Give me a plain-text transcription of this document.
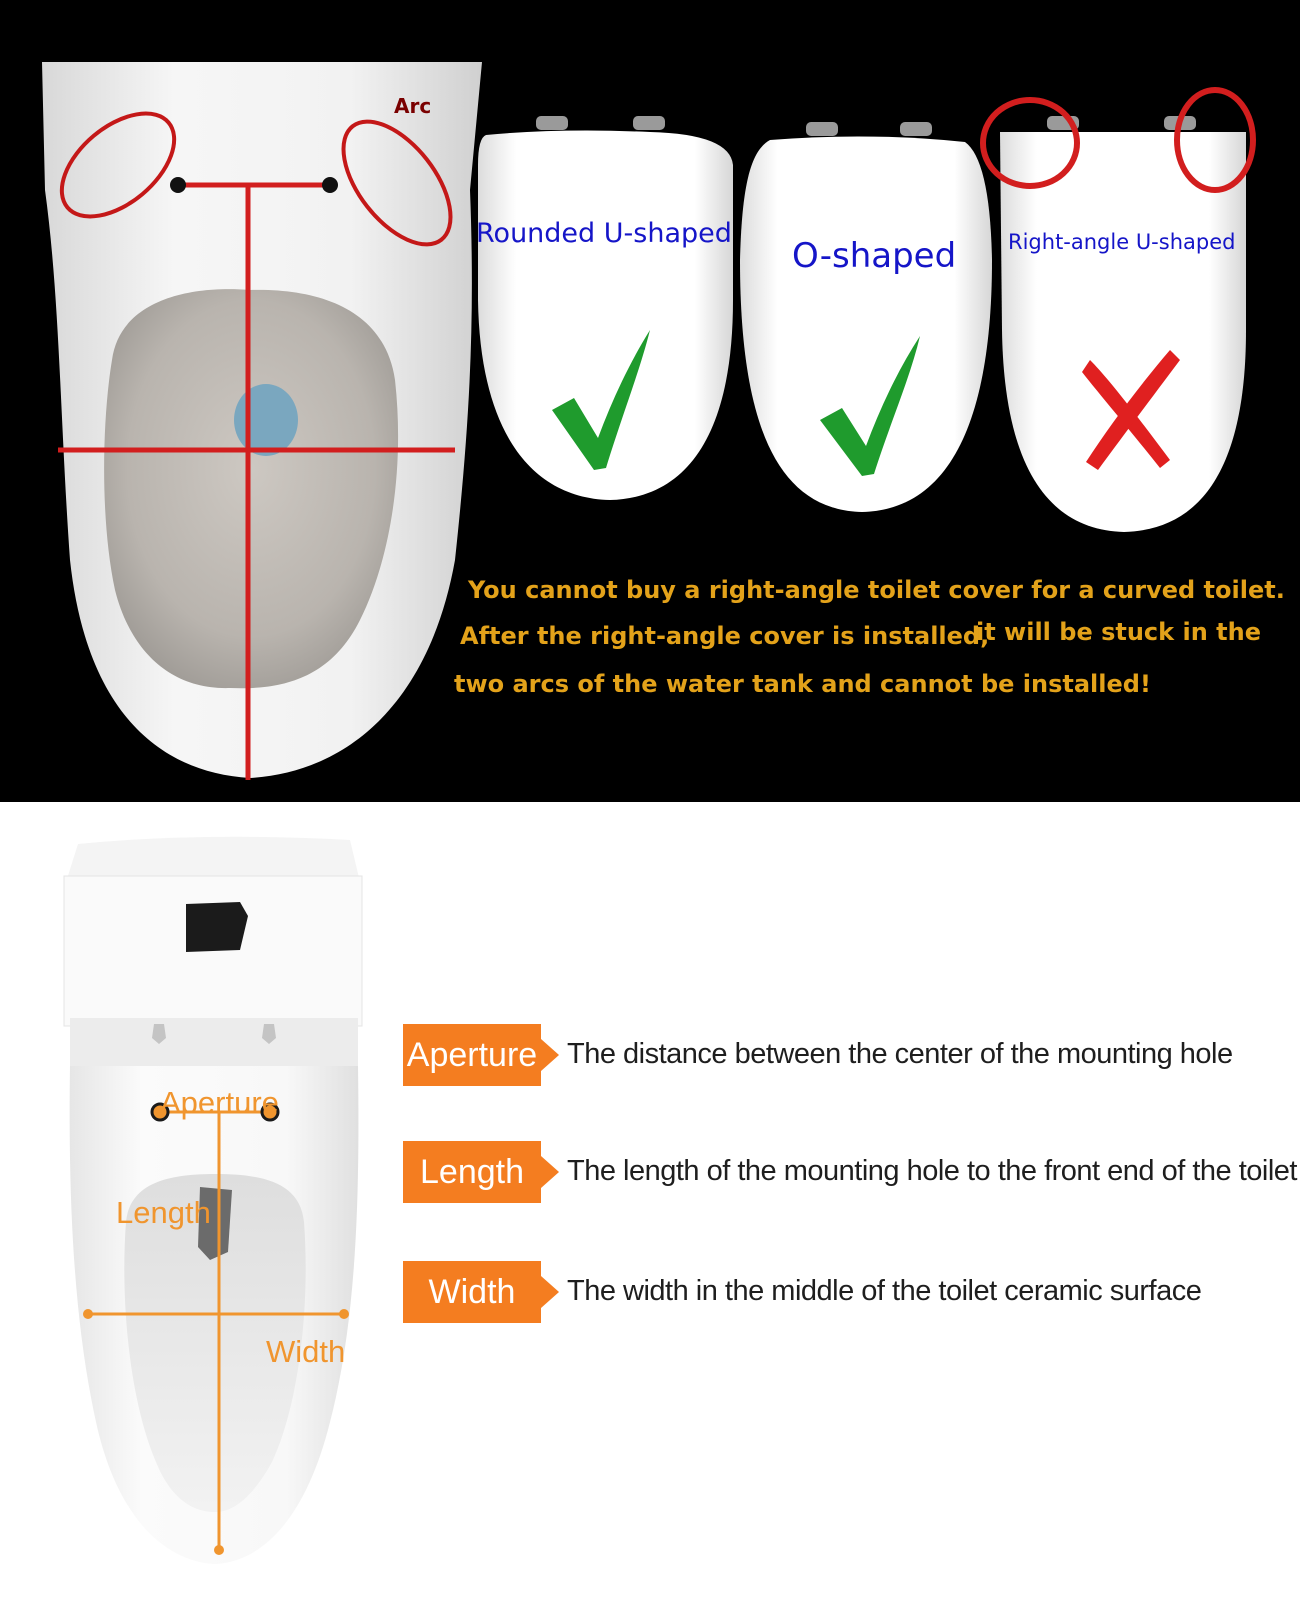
Arc
Rounded U-shaped
O-shaped Right-angle U-shaped
You cannot buy a right-angle toilet cover for a curved toilet.
After the right-angle cover is installed,
it will be stuck in the
two arcs of the water tank and cannot be installed!
Aperture
Length
Width
Aperture The distance between the center of the mounting hole
Length	The length of the mounting hole to the front end of the toilet
Width	The width in the middle of the toilet ceramic surface
